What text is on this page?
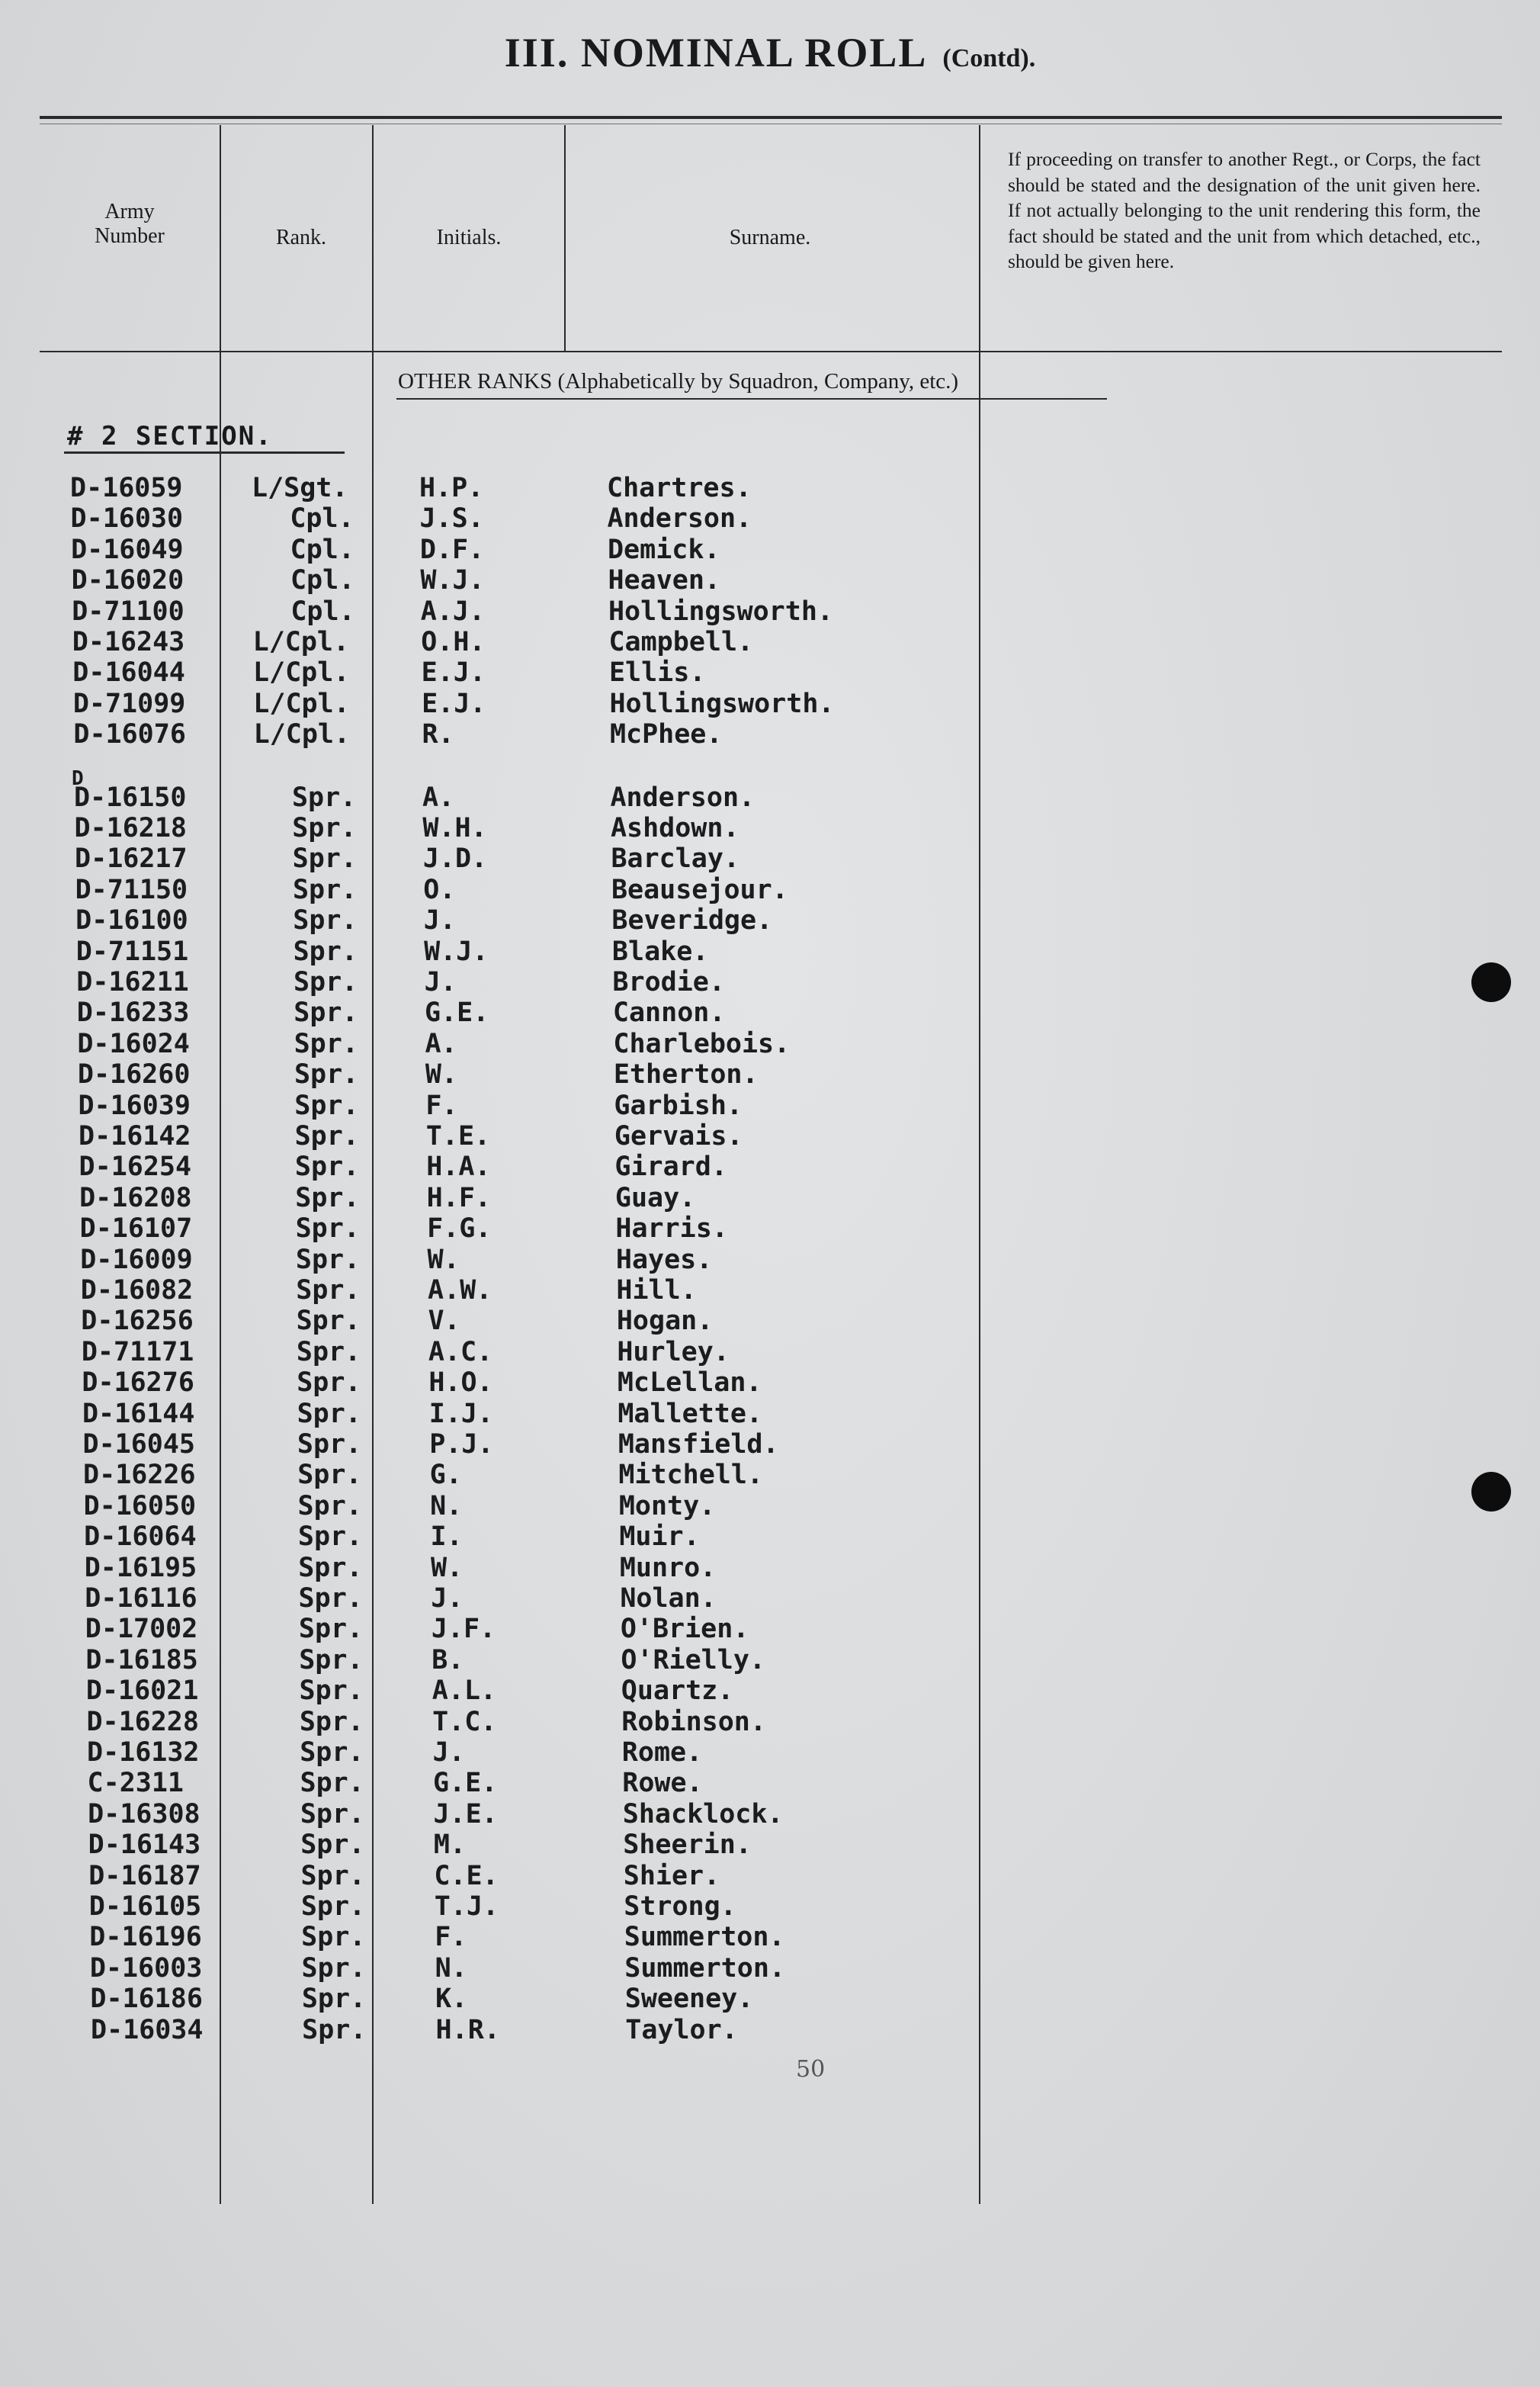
III. NOMINAL ROLL (Contd).
Army Number	Rank.	Initials.	Surname.
If proceeding on transfer to another Regt., or Corps, the fact should be stated and the designation of the unit given here. If not actually belonging to the unit rendering this form, the fact should be stated and the unit from which detached, etc., should be given here.
OTHER RANKS (Alphabetically by Squadron, Company, etc.)
# 2 SECTION.
D
D-16059	L/Sgt.	H.P.	Chartres.
D-16030	Cpl. J.S.	Anderson.
D-16049	Cpl. D.F.	Demick.
D-16020	Cpl. W.J.	Heaven.
D-71100	Cpl. A.J.	Hollingsworth.
D-16243	L/Cpl.	O.H.	Campbell.
D-16044	L/Cpl.	E.J.	Ellis.
D-71099	L/Cpl.	E.J.	Hollingsworth.
D-16076	L/Cpl.	R.	McPhee.
D-16150	Spr. A.	Anderson.
D-16218	Spr. W.H.	Ashdown.
D-16217	Spr. J.D.	Barclay.
D-71150	Spr. O.	Beausejour.
D-16100	Spr. J.	Beveridge.
D-71151	Spr. W.J.	Blake.
D-16211	Spr. J.	Brodie.
D-16233	Spr. G.E.	Cannon.
D-16024	Spr.	A.	Charlebois.
D-16260	Spr.	W.	Etherton.
D-16039	Spr.	F.	Garbish.
D-16142	Spr.	T.E.	Gervais.
D-16254	Spr.	H.A.	Girard.
D-16208	Spr.	H.F.	Guay.
D-16107	Spr.	F.G.	Harris.
D-16009	Spr.	W.	Hayes.
D-16082	Spr.	A.W.	Hill.
D-16256	Spr.	V.	Hogan.
D-71171	Spr.	A.C.	Hurley.
D-16276	Spr.	H.O.	McLellan.
D-16144	Spr.	I.J.	Mallette.
D-16045	Spr.	P.J.	Mansfield.
D-16226	Spr.	G.	Mitchell.
D-16050	Spr.	N.	Monty.
D-16064	Spr.	I.	Muir.
D-16195	Spr.	W.	Munro.
D-16116	Spr.	J.	Nolan.
D-17002	Spr.	J.F.	O'Brien.
D-16185	Spr.	B.	O'Rielly.
D-16021	Spr.	A.L.	Quartz.
D-16228	Spr.	T.C.	Robinson.
D-16132	Spr.	J.	Rome.
C-2311	Spr.	G.E.	Rowe.
D-16308	Spr.	J.E.	Shacklock.
D-16143	Spr.	M.	Sheerin.
D-16187	Spr.	C.E.	Shier.
D-16105	Spr.	T.J.	Strong.
D-16196	Spr.	F.	Summerton.
D-16003	Spr.	N.	Summerton.
D-16186	Spr.	K.	Sweeney.
D-16034	Spr.	H.R.	Taylor.
50
